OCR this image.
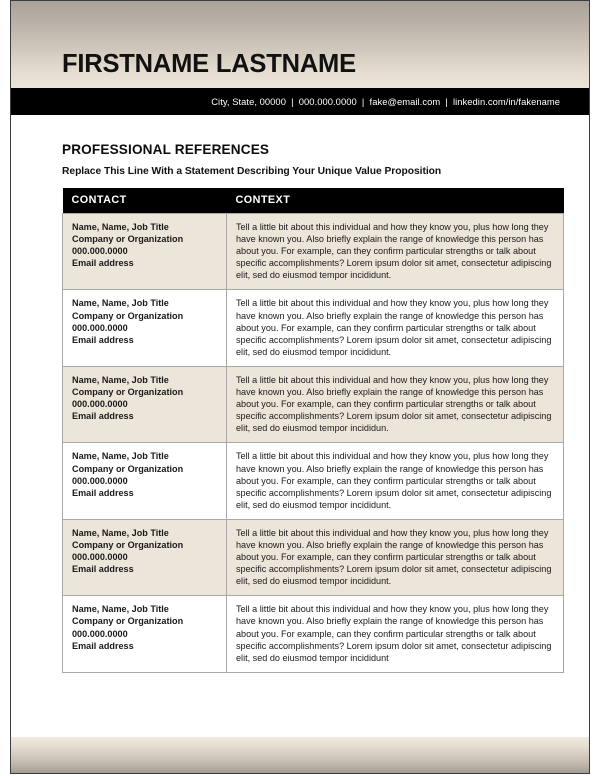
FIRSTNAME LASTNAME
City, State, 00000 | 000.000.0000 | fake@email.com | linkedin.com/in/fakename
PROFESSIONAL REFERENCES
Replace This Line With a Statement Describing Your Unique Value Proposition
CONTACT	CONTEXT

Name, Name, Job Title
Company or Organization
000.000.0000
Email address
	Tell a little bit about this individual and how they know you, plus how long they have known you. Also briefly explain the range of knowledge this person has about you. For example, can they confirm particular strengths or talk about specific accomplishments? Lorem ipsum dolor sit amet, consectetur adipiscing elit, sed do eiusmod tempor incididunt.

Name, Name, Job Title
Company or Organization
000.000.0000
Email address
	Tell a little bit about this individual and how they know you, plus how long they have known you. Also briefly explain the range of knowledge this person has about you. For example, can they confirm particular strengths or talk about specific accomplishments? Lorem ipsum dolor sit amet, consectetur adipiscing elit, sed do eiusmod tempor incididunt.

Name, Name, Job Title
Company or Organization
000.000.0000
Email address
	Tell a little bit about this individual and how they know you, plus how long they have known you. Also briefly explain the range of knowledge this person has about you. For example, can they confirm particular strengths or talk about specific accomplishments? Lorem ipsum dolor sit amet, consectetur adipiscing elit, sed do eiusmod tempor incididun.

Name, Name, Job Title
Company or Organization
000.000.0000
Email address
	Tell a little bit about this individual and how they know you, plus how long they have known you. Also briefly explain the range of knowledge this person has about you. For example, can they confirm particular strengths or talk about specific accomplishments? Lorem ipsum dolor sit amet, consectetur adipiscing elit, sed do eiusmod tempor incididunt.

Name, Name, Job Title
Company or Organization
000.000.0000
Email address
	Tell a little bit about this individual and how they know you, plus how long they have known you. Also briefly explain the range of knowledge this person has about you. For example, can they confirm particular strengths or talk about specific accomplishments? Lorem ipsum dolor sit amet, consectetur adipiscing elit, sed do eiusmod tempor incididunt.

Name, Name, Job Title
Company or Organization
000.000.0000
Email address
	Tell a little bit about this individual and how they know you, plus how long they have known you. Also briefly explain the range of knowledge this person has about you. For example, can they confirm particular strengths or talk about specific accomplishments? Lorem ipsum dolor sit amet, consectetur adipiscing elit, sed do eiusmod tempor incididunt
